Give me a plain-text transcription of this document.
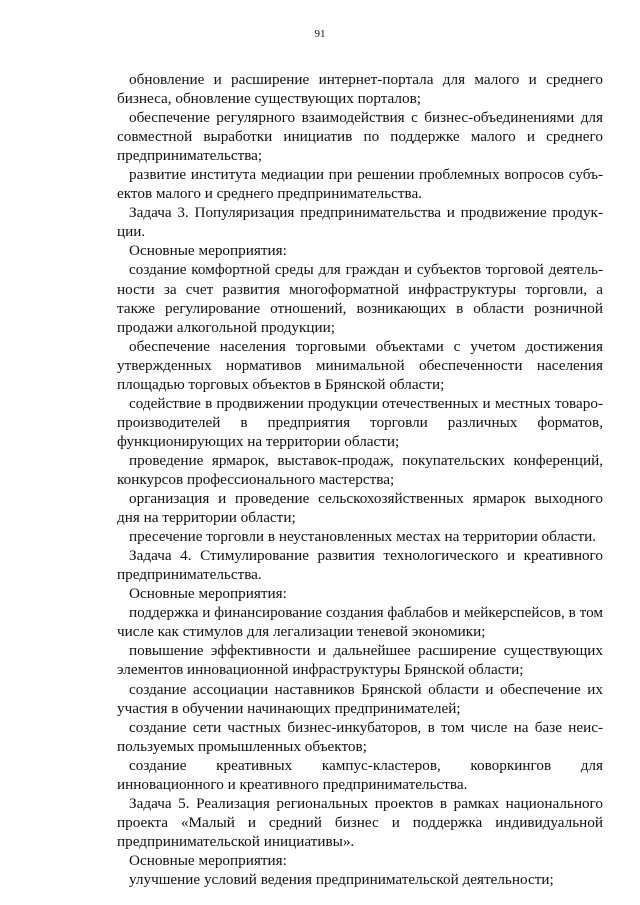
91

обновление и расширение интернет-портала для малого и среднего бизнеса, обновление существующих порталов;

обеспечение регулярного взаимодействия с бизнес-объединениями для совместной выработки инициатив по поддержке малого и среднего предпринимательства;

развитие института медиации при решении проблемных вопросов субъектов малого и среднего предпринимательства.

Задача 3. Популяризация предпринимательства и продвижение продукции.

Основные мероприятия:

создание комфортной среды для граждан и субъектов торговой деятельности за счет развития многоформатной инфраструктуры торговли, а также регулирование отношений, возникающих в области розничной продажи алкогольной продукции;

обеспечение населения торговыми объектами с учетом достижения утвержденных нормативов минимальной обеспеченности населения площадью торговых объектов в Брянской области;

содействие в продвижении продукции отечественных и местных товаропроизводителей в предприятия торговли различных форматов, функционирующих на территории области;

проведение ярмарок, выставок-продаж, покупательских конференций, конкурсов профессионального мастерства;

организация и проведение сельскохозяйственных ярмарок выходного дня на территории области;

пресечение торговли в неустановленных местах на территории области.

Задача 4. Стимулирование развития технологического и креативного предпринимательства.

Основные мероприятия:

поддержка и финансирование создания фаблабов и мейкерспейсов, в том числе как стимулов для легализации теневой экономики;

повышение эффективности и дальнейшее расширение существующих элементов инновационной инфраструктуры Брянской области;

создание ассоциации наставников Брянской области и обеспечение их участия в обучении начинающих предпринимателей;

создание сети частных бизнес-инкубаторов, в том числе на базе неиспользуемых промышленных объектов;

создание креативных кампус-кластеров, коворкингов для инновационного и креативного предпринимательства.

Задача 5. Реализация региональных проектов в рамках национального проекта «Малый и средний бизнес и поддержка индивидуальной предпринимательской инициативы».

Основные мероприятия:

улучшение условий ведения предпринимательской деятельности;
